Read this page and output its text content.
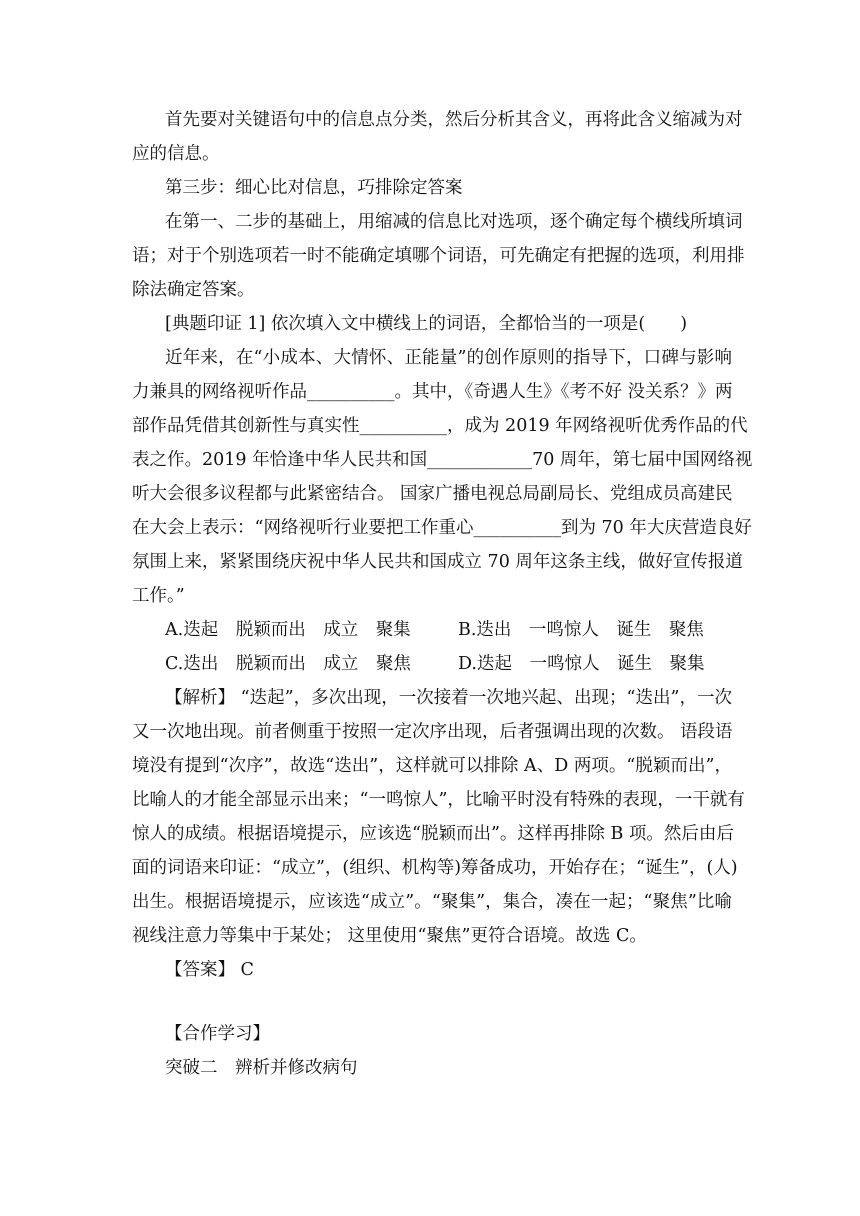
首先要对关键语句中的信息点分类，然后分析其含义，再将此含义缩减为对
应的信息。
第三步：细心比对信息，巧排除定答案
在第一、二步的基础上，用缩减的信息比对选项，逐个确定每个横线所填词
语；对于个别选项若一时不能确定填哪个词语，可先确定有把握的选项，利用排
除法确定答案。
[典题印证 1] 依次填入文中横线上的词语，全都恰当的一项是(　　)
近年来，在“小成本、大情怀、正能量”的创作原则的指导下，口碑与影响
力兼具的网络视听作品__________。其中，《奇遇人生》《考不好 没关系？》两
部作品凭借其创新性与真实性__________，成为 2019 年网络视听优秀作品的代
表之作。2019 年恰逢中华人民共和国____________70 周年，第七届中国网络视
听大会很多议程都与此紧密结合。 国家广播电视总局副局长、党组成员高建民
在大会上表示：“网络视听行业要把工作重心__________到为 70 年大庆营造良好
氛围上来，紧紧围绕庆祝中华人民共和国成立 70 周年这条主线，做好宣传报道
工作。”
A.迭起　脱颖而出　成立　聚集	B.迭出　一鸣惊人　诞生　聚焦
C.迭出　脱颖而出　成立　聚焦	D.迭起　一鸣惊人　诞生　聚集
【解析】 “迭起”，多次出现，一次接着一次地兴起、出现；“迭出”，一次
又一次地出现。前者侧重于按照一定次序出现，后者强调出现的次数。 语段语
境没有提到“次序”，故选“迭出”，这样就可以排除 A、D 两项。“脱颖而出”，
比喻人的才能全部显示出来；“一鸣惊人”，比喻平时没有特殊的表现，一干就有
惊人的成绩。根据语境提示，应该选“脱颖而出”。这样再排除 B 项。然后由后
面的词语来印证：“成立”，(组织、机构等)筹备成功，开始存在；“诞生”，(人)
出生。根据语境提示，应该选“成立”。“聚集”，集合，凑在一起；“聚焦”比喻
视线注意力等集中于某处； 这里使用“聚焦”更符合语境。故选 C。
【答案】 C
【合作学习】
突破二　辨析并修改病句
